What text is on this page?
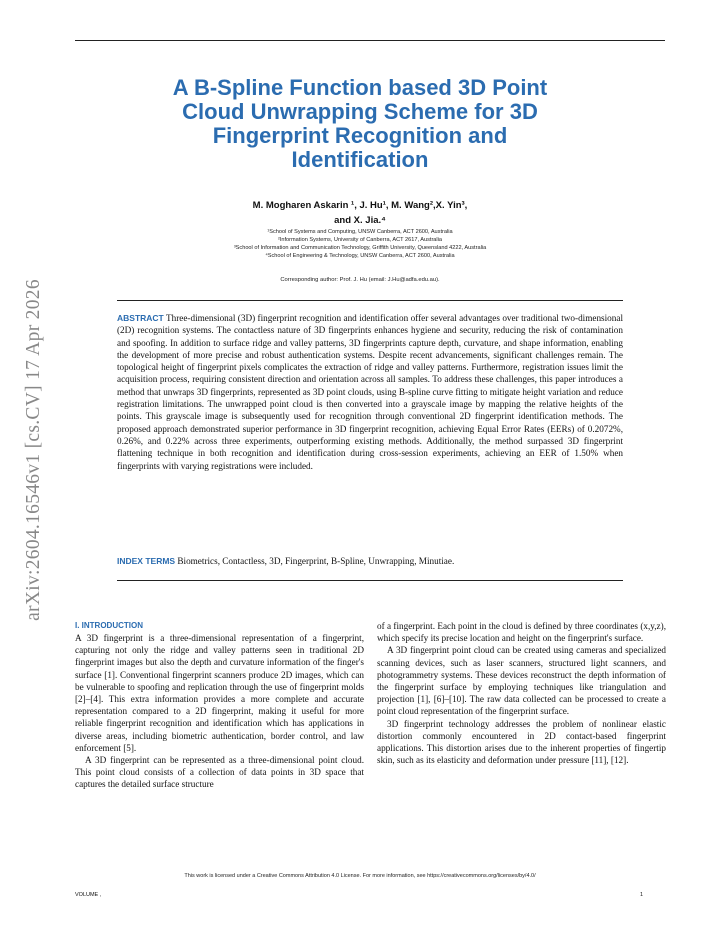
arXiv:2604.16546v1 [cs.CV] 17 Apr 2026
A B-Spline Function based 3D Point
Cloud Unwrapping Scheme for 3D
Fingerprint Recognition and
Identification
M. Mogharen Askarin ¹, J. Hu¹, M. Wang²,X. Yin³,
and X. Jia.⁴
¹School of Systems and Computing, UNSW Canberra, ACT 2600, Australia
²Information Systems, University of Canberra, ACT 2617, Australia
³School of Information and Communication Technology, Griffith University, Queensland 4222, Australia
⁴School of Engineering & Technology, UNSW Canberra, ACT 2600, Australia
Corresponding author: Prof. J. Hu (email: J.Hu@adfa.edu.au).
ABSTRACT Three-dimensional (3D) fingerprint recognition and identification offer several advantages over traditional two-dimensional (2D) recognition systems. The contactless nature of 3D fingerprints enhances hygiene and security, reducing the risk of contamination and spoofing. In addition to surface ridge and valley patterns, 3D fingerprints capture depth, curvature, and shape information, enabling the development of more precise and robust authentication systems. Despite recent advancements, significant challenges remain. The topological height of fingerprint pixels complicates the extraction of ridge and valley patterns. Furthermore, registration issues limit the acquisition process, requiring consistent direction and orientation across all samples. To address these challenges, this paper introduces a method that unwraps 3D fingerprints, represented as 3D point clouds, using B-spline curve fitting to mitigate height variation and reduce registration limitations. The unwrapped point cloud is then converted into a grayscale image by mapping the relative heights of the points. This grayscale image is subsequently used for recognition through conventional 2D fingerprint identification methods. The proposed approach demonstrated superior performance in 3D fingerprint recognition, achieving Equal Error Rates (EERs) of 0.2072%, 0.26%, and 0.22% across three experiments, outperforming existing methods. Additionally, the method surpassed 3D fingerprint flattening technique in both recognition and identification during cross-session experiments, achieving an EER of 1.50% when fingerprints with varying registrations were included.
INDEX TERMS Biometrics, Contactless, 3D, Fingerprint, B-Spline, Unwrapping, Minutiae.
I. INTRODUCTION

A 3D fingerprint is a three-dimensional representation of a fingerprint, capturing not only the ridge and valley patterns seen in traditional 2D fingerprint images but also the depth and curvature information of the finger's surface [1]. Conventional fingerprint scanners produce 2D images, which can be vulnerable to spoofing and replication through the use of fingerprint molds [2]–[4]. This extra information provides a more complete and accurate representation compared to a 2D fingerprint, making it useful for more reliable fingerprint recognition and identification which has applications in diverse areas, including biometric authentication, border control, and law enforcement [5].

A 3D fingerprint can be represented as a three-dimensional point cloud. This point cloud consists of a collection of data points in 3D space that captures the detailed surface structure

of a fingerprint. Each point in the cloud is defined by three coordinates (x,y,z), which specify its precise location and height on the fingerprint's surface.

A 3D fingerprint point cloud can be created using cameras and specialized scanning devices, such as laser scanners, structured light scanners, and photogrammetry systems. These devices reconstruct the depth information of the fingerprint surface by employing techniques like triangulation and projection [1], [6]–[10]. The raw data collected can be processed to create a point cloud representation of the fingerprint surface.

3D fingerprint technology addresses the problem of nonlinear elastic distortion commonly encountered in 2D contact-based fingerprint applications. This distortion arises due to the inherent properties of fingertip skin, such as its elasticity and deformation under pressure [11], [12].

This work is licensed under a Creative Commons Attribution 4.0 License. For more information, see https://creativecommons.org/licenses/by/4.0/
VOLUME ,	1
